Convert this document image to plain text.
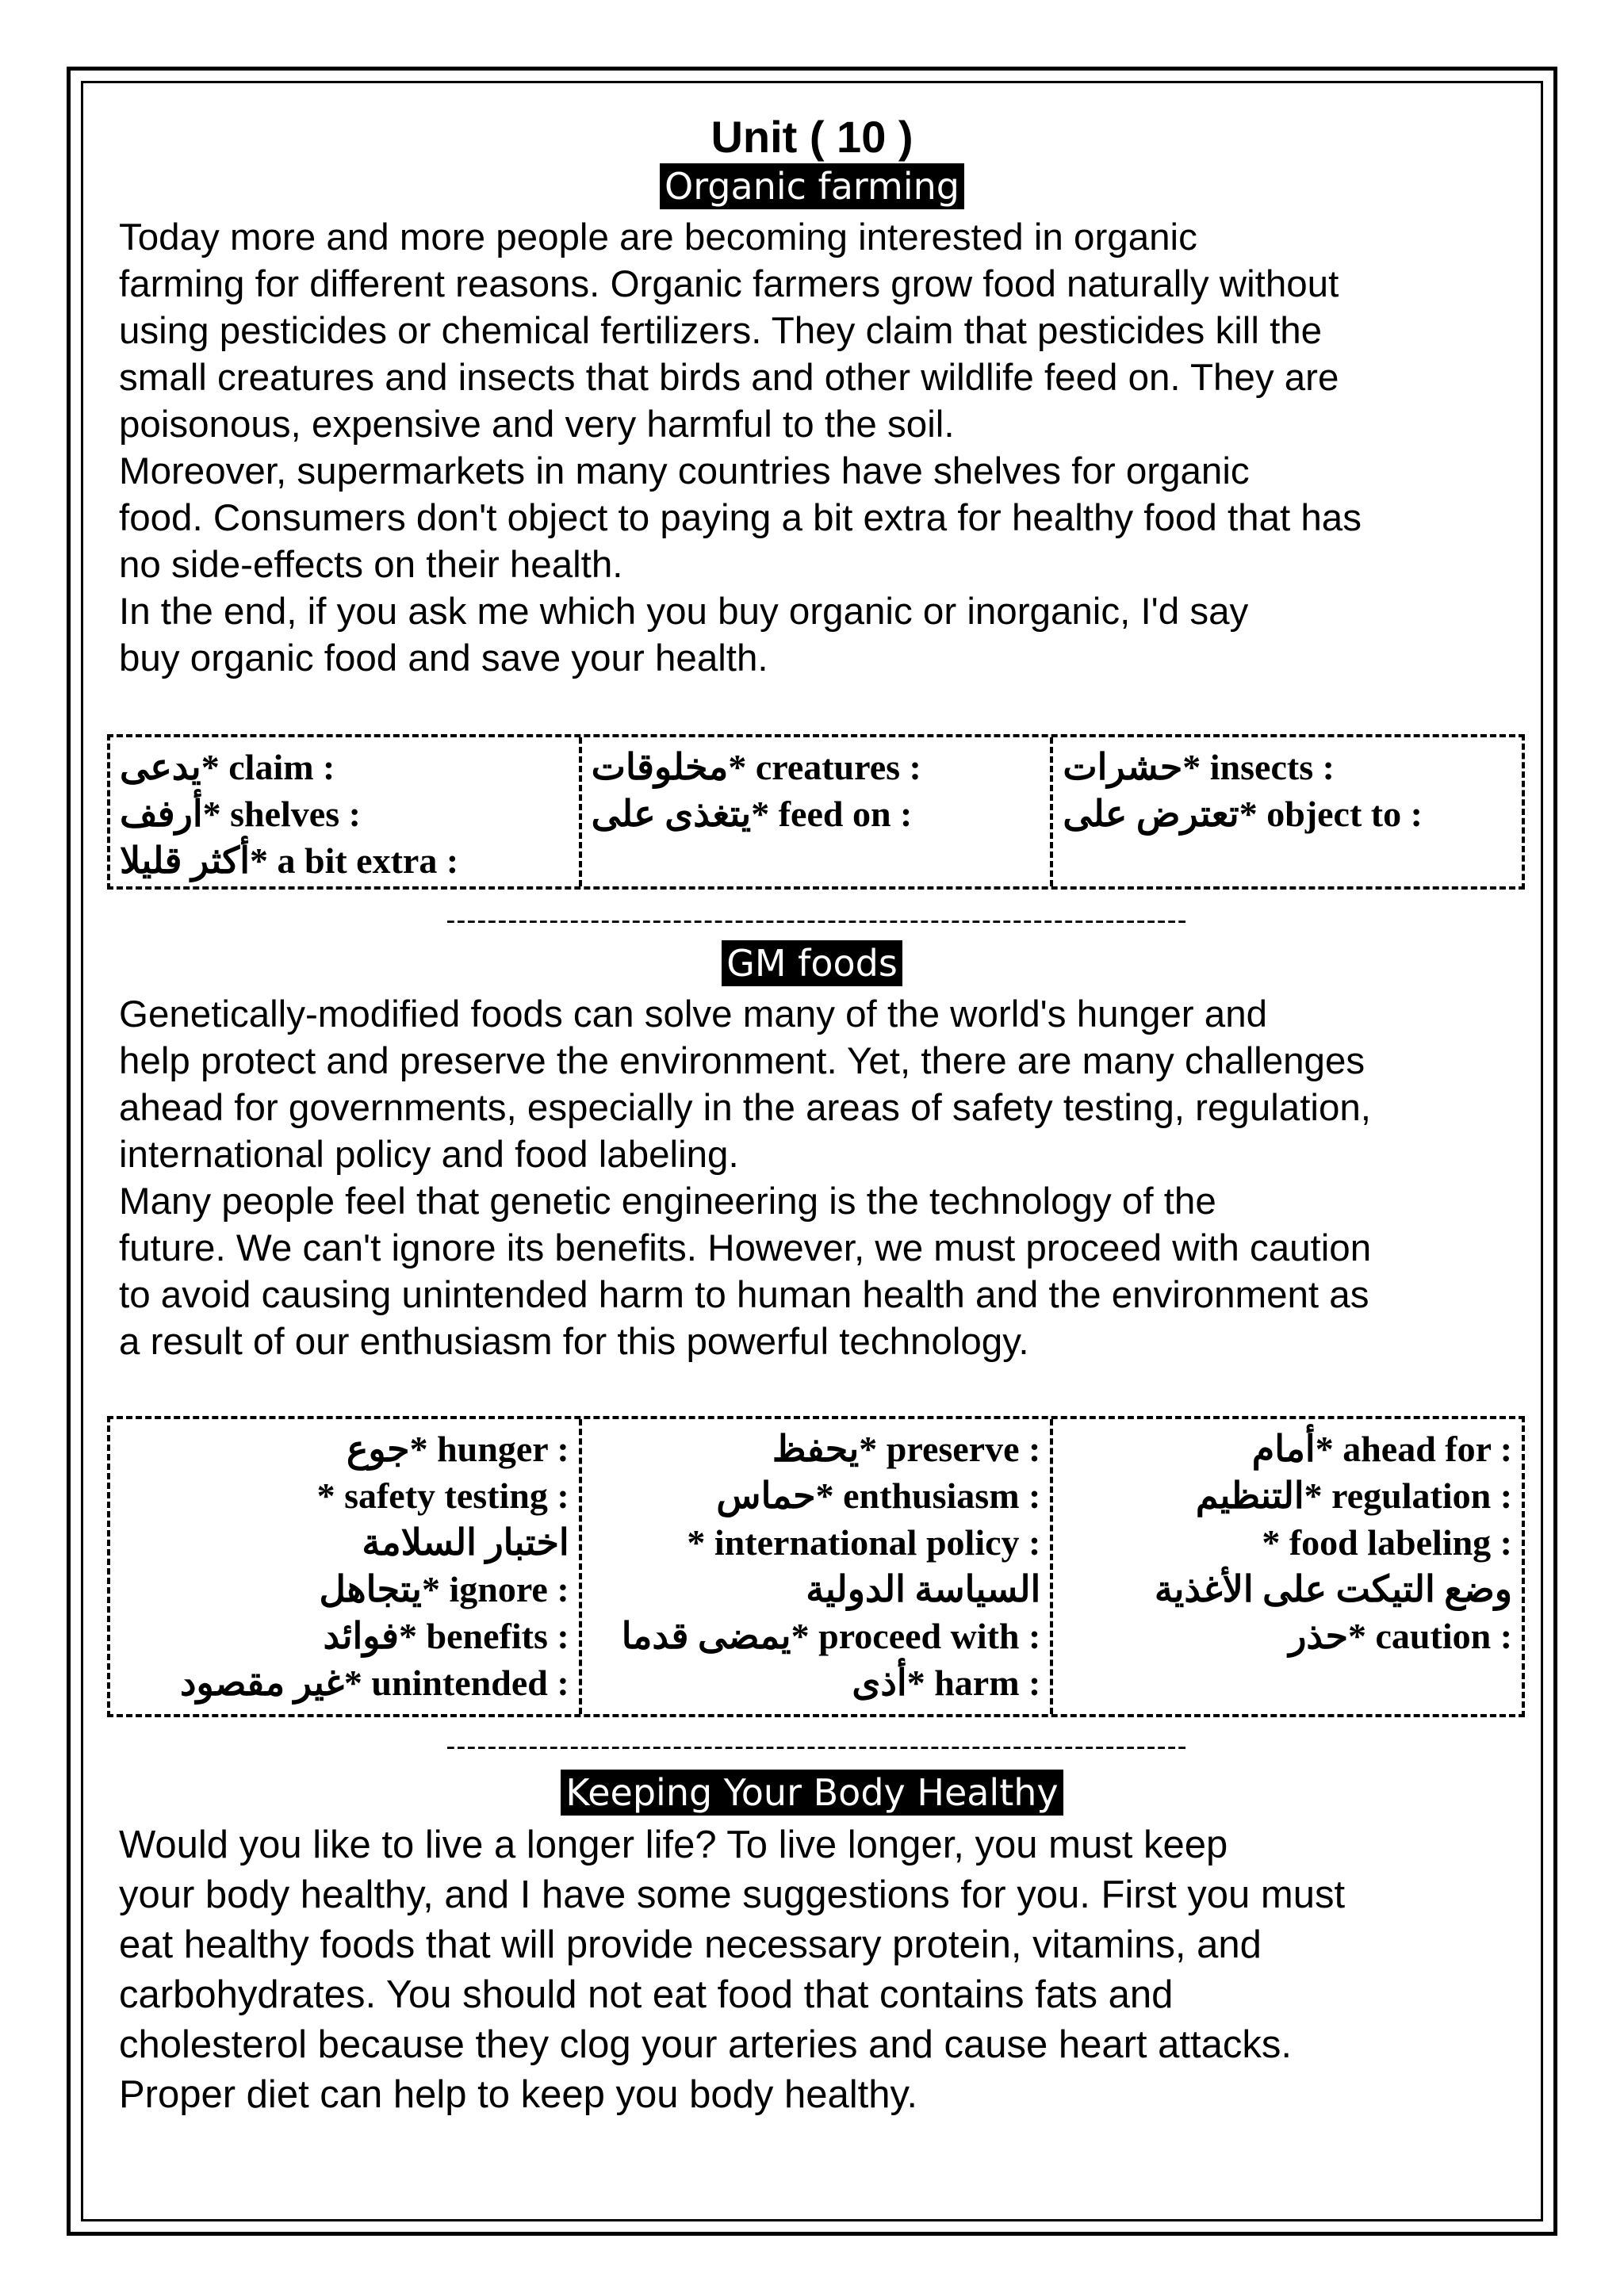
Unit ( 10 )
Organic farming

Today more and more people are becoming interested in organic

farming for different reasons. Organic farmers grow food naturally without

using pesticides or chemical fertilizers. They claim that pesticides kill the

small creatures and insects that birds and other wildlife feed on. They are

poisonous, expensive and very harmful to the soil.

Moreover, supermarkets in many countries have shelves for organic

food. Consumers don't object to paying a bit extra for healthy food that has

no side-effects on their health.

In the end, if you ask me which you buy organic or inorganic, I'd say

buy organic food and save your health.

يدعى* claim :
أرفف* shelves :
أكثر قليلا* a bit extra :
مخلوقات* creatures :
يتغذى على* feed on :
حشرات* insects :
تعترض على* object to :
------------------------------------------------------------------------
GM foods

Genetically-modified foods can solve many of the world's hunger and

help protect and preserve the environment. Yet, there are many challenges

ahead for governments, especially in the areas of safety testing, regulation,

international policy and food labeling.

Many people feel that genetic engineering is the technology of the

future. We can't ignore its benefits. However, we must proceed with caution

to avoid causing unintended harm to human health and the environment as

a result of our enthusiasm for this powerful technology.

جوع* hunger :
* safety testing :
اختبار السلامة
يتجاهل* ignore :
فوائد* benefits :
غير مقصود* unintended :
يحفظ* preserve :
حماس* enthusiasm :
* international policy :
السياسة الدولية
يمضى قدما* proceed with :
أذى* harm :
أمام* ahead for :
التنظيم* regulation :
* food labeling :
وضع التيكت على الأغذية
حذر* caution :
------------------------------------------------------------------------
Keeping Your Body Healthy

Would you like to live a longer life? To live longer, you must keep

your body healthy, and I have some suggestions for you. First you must

eat healthy foods that will provide necessary protein, vitamins, and

carbohydrates. You should not eat food that contains fats and

cholesterol because they clog your arteries and cause heart attacks.

Proper diet can help to keep you body healthy.
